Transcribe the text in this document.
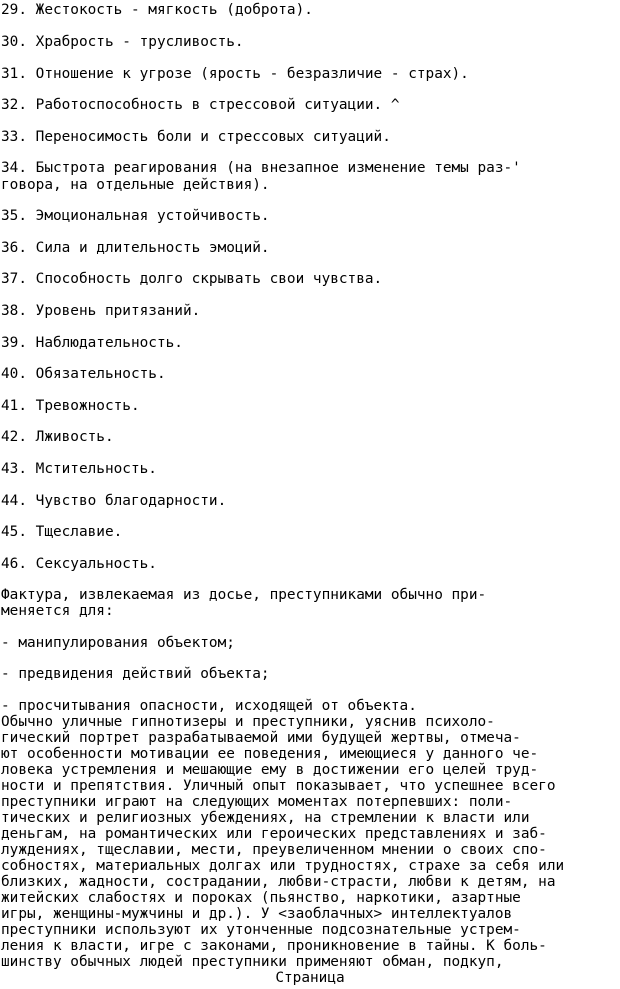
29. Жестокость - мягкость (доброта).
30. Храбрость - трусливость.
31. Отношение к угрозе (ярость - безразличие - страх).
32. Работоспособность в стрессовой ситуации. ^
33. Переносимость боли и стрессовых ситуаций.
34. Быстрота реагирования (на внезапное изменение темы раз-'
говора, на отдельные действия).
35. Эмоциональная устойчивость.
36. Сила и длительность эмоций.
37. Способность долго скрывать свои чувства.
38. Уровень притязаний.
39. Наблюдательность.
40. Обязательность.
41. Тревожность.
42. Лживость.
43. Мстительность.
44. Чувство благодарности.
45. Тщеславие.
46. Сексуальность.
Фактура, извлекаемая из досье, преступниками обычно при-
меняется для:
- манипулирования объектом;
- предвидения действий объекта;
- просчитывания опасности, исходящей от объекта.
Обычно уличные гипнотизеры и преступники, уяснив психоло-
гический портрет разрабатываемой ими будущей жертвы, отмеча-
ют особенности мотивации ее поведения, имеющиеся у данного че-
ловека устремления и мешающие ему в достижении его целей труд-
ности и препятствия. Уличный опыт показывает, что успешнее всего
преступники играют на следующих моментах потерпевших: поли-
тических и религиозных убеждениях, на стремлении к власти или
деньгам, на романтических или героических представлениях и заб-
луждениях, тщеславии, мести, преувеличенном мнении о своих спо-
собностях, материальных долгах или трудностях, страхе за себя или
близких, жадности, сострадании, любви-страсти, любви к детям, на
житейских слабостях и пороках (пьянство, наркотики, азартные
игры, женщины-мужчины и др.). У <заоблачных> интеллектуалов
преступники используют их утонченные подсознательные устрем-
ления к власти, игре с законами, проникновение в тайны. К боль-
шинству обычных людей преступники применяют обман, подкуп,
Страница
